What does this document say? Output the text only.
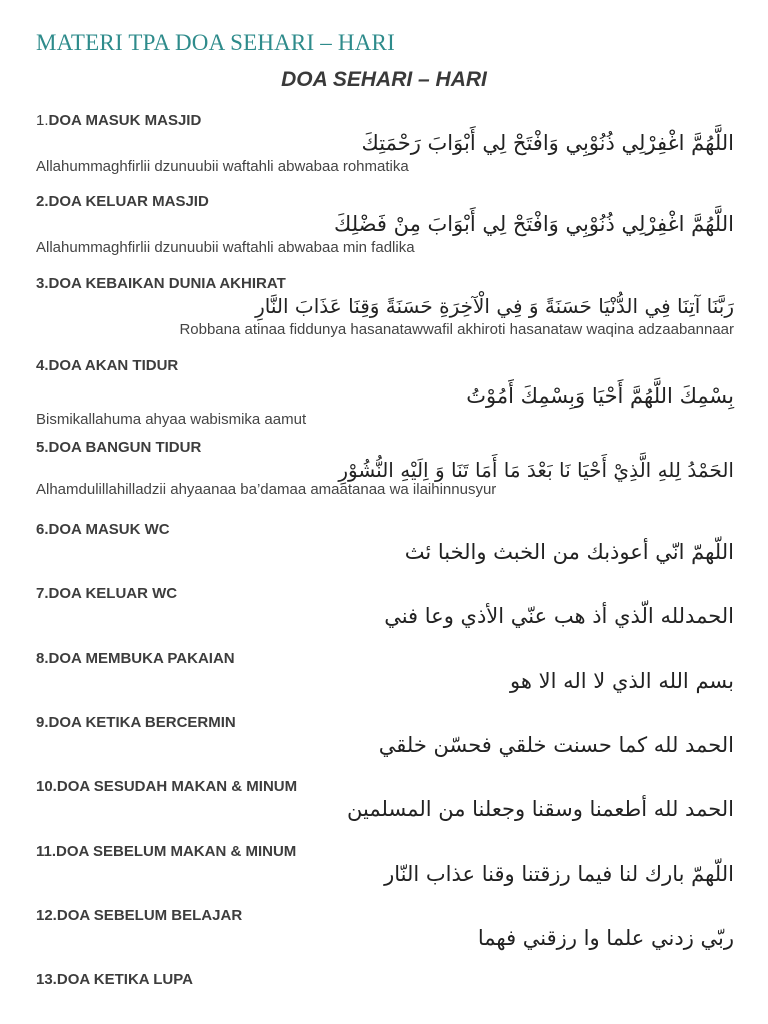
MATERI TPA DOA SEHARI – HARI
DOA SEHARI – HARI
1.DOA MASUK MASJID
اللَّهُمَّ اغْفِرْلِي ذُنُوْبِي وَافْتَحْ لِي أَبْوَابَ رَحْمَتِكَ
Allahummaghfirlii dzunuubii waftahli abwabaa rohmatika
2.DOA KELUAR MASJID
اللَّهُمَّ اغْفِرْلِي ذُنُوْبِي وَافْتَحْ لِي أَبْوَابَ مِنْ فَضْلِكَ
Allahummaghfirlii dzunuubii waftahli abwabaa min fadlika
3.DOA KEBAIKAN DUNIA AKHIRAT
رَبَّنَا آتِنَا فِي الدُّنْيَا حَسَنَةً وَ فِي الْآخِرَةِ حَسَنَةً وَقِنَا عَذَابَ النَّارِ
Robbana atinaa fiddunya hasanatawwafil akhiroti hasanataw waqina adzaabannaar
4.DOA AKAN TIDUR
بِسْمِكَ اللَّهُمَّ أَحْيَا وَبِسْمِكَ أَمُوْتُ
Bismikallahuma ahyaa wabismika aamut
5.DOA BANGUN TIDUR
الحَمْدُ لِلهِ الَّذِيْ أَحْيَا نَا بَعْدَ مَا أَمَا تَنَا وَ اِلَيْهِ النُّشُوْرِ
Alhamdulillahilladzii ahyaanaa ba’damaa amaatanaa wa ilaihinnusyur
6.DOA MASUK WC
اللّهمّ انّي أعوذبك من الخبث والخبا ئث
7.DOA KELUAR WC
الحمدلله الّذي أذ هب عنّي الأذي وعا فني
8.DOA MEMBUKA PAKAIAN
بسم الله الذي لا اله الا هو
9.DOA KETIKA BERCERMIN
الحمد لله كما حسنت خلقي فحسّن خلقي
10.DOA SESUDAH MAKAN & MINUM
الحمد لله أطعمنا وسقنا وجعلنا من المسلمين
11.DOA SEBELUM MAKAN & MINUM
اللّهمّ بارك لنا فيما رزقتنا وقنا عذاب النّار
12.DOA SEBELUM BELAJAR
ربّي زدني علما وا رزقني فهما
13.DOA KETIKA LUPA
